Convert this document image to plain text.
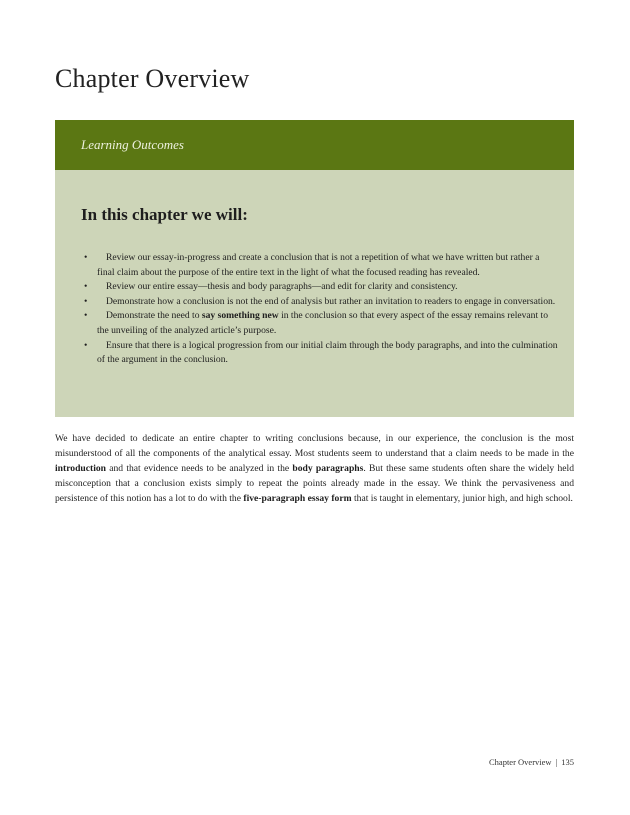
Chapter Overview
Learning Outcomes
In this chapter we will:
• Review our essay-in-progress and create a conclusion that is not a repetition of what we have written but rather a final claim about the purpose of the entire text in the light of what the focused reading has revealed.
• Review our entire essay—thesis and body paragraphs—and edit for clarity and consistency.
• Demonstrate how a conclusion is not the end of analysis but rather an invitation to readers to engage in conversation.
• Demonstrate the need to say something new in the conclusion so that every aspect of the essay remains relevant to the unveiling of the analyzed article’s purpose.
• Ensure that there is a logical progression from our initial claim through the body paragraphs, and into the culmination of the argument in the conclusion.

We have decided to dedicate an entire chapter to writing conclusions because, in our experience, the conclusion is the most misunderstood of all the components of the analytical essay. Most students seem to understand that a claim needs to be made in the introduction and that evidence needs to be analyzed in the body paragraphs. But these same students often share the widely held misconception that a conclusion exists simply to repeat the points already made in the essay. We think the pervasiveness and persistence of this notion has a lot to do with the five-paragraph essay form that is taught in elementary, junior high, and high school.

Chapter Overview | 135
